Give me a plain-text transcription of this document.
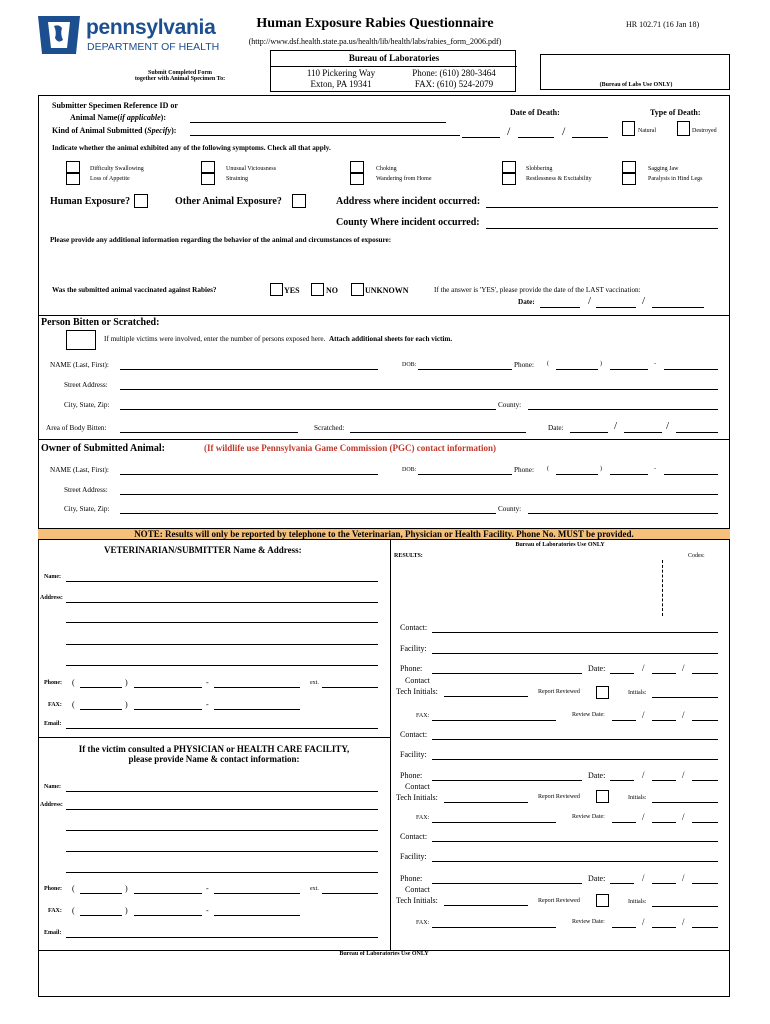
pennsylvania
DEPARTMENT OF HEALTH
Human Exposure Rabies Questionnaire
(http://www.dsf.health.state.pa.us/health/lib/health/labs/rabies_form_2006.pdf)
HR 102.71 (16 Jan 18)
Submit Completed Form
together with Animal Specimen To:
Bureau of Laboratories
110 Pickering Way
Exton, PA 19341
Phone: (610) 280-3464
FAX: (610) 524-2079	(Bureau of Labs Use ONLY)
Submitter Specimen Reference ID or
Animal Name(if applicable):
Kind of Animal Submitted (Specify):
Date of Death:
/	/
Type of Death:
Natural	Destroyed
Indicate whether the animal exhibited any of the following symptoms. Check all that apply.
Difficulty Swallowing
Loss of Appetite
Unusual Viciousness
Straining
Choking
Wandering from Home
Slobbering
Restlessness & Excitability
Sagging Jaw
Paralysis in Hind Legs
Human Exposure?	Other Animal Exposure?	Address where incident occurred:
County Where incident occurred:
Please provide any additional information regarding the behavior of the animal and circumstances of exposure:
Was the submitted animal vaccinated against Rabies?	YES	NO	UNKNOWN	If the answer is 'YES', please provide the date of the LAST vaccination:
Date:	/	/
Person Bitten or Scratched:
If multiple victims were involved, enter the number of persons exposed here. Attach additional sheets for each victim.
NAME (Last, First):	DOB:	Phone: (	)	-
Street Address:
City, State, Zip:	County:
Area of Body Bitten:	Scratched:	Date:	/	/
Owner of Submitted Animal:	(If wildlife use Pennsylvania Game Commission (PGC) contact information)
NAME (Last, First):	DOB:	Phone: (	)	-
Street Address:
City, State, Zip:	County:
NOTE: Results will only be reported by telephone to the Veterinarian, Physician or Health Facility. Phone No. MUST be provided.
VETERINARIAN/SUBMITTER Name & Address:
Name:
Address:
Phone: (	)	-	ext.
FAX: (	)	-
Email:
If the victim consulted a PHYSICIAN or HEALTH CARE FACILITY,
please provide Name & contact information:
Name:
Address:
Phone: (	)	-	ext.
FAX: (	)	-
Email:
Bureau of Laboratories Use ONLY
RESULTS:	Codes:
Contact:
Facility:
Phone:	Date:	/	/
Contact
Tech Initials:	Report Reviewed	Initials:
FAX:	Review Date:	/	/
Contact:
Facility:
Phone:	Date:	/	/
Contact
Tech Initials:	Report Reviewed	Initials:
FAX:	Review Date:	/	/
Contact:
Facility:
Phone:	Date:	/	/
Contact
Tech Initials:	Report Reviewed	Initials:
FAX:	Review Date:	/	/
Bureau of Laboratories Use ONLY
